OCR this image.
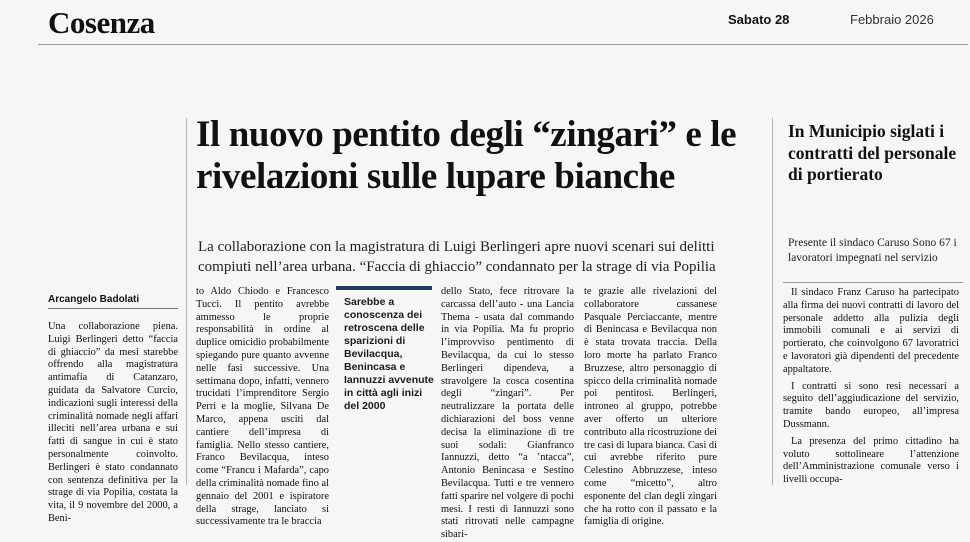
Cosenza	Sabato 28	Febbraio 2026
Il nuovo pentito degli “zingari” e le rivelazioni sulle lupare bianche

La collaborazione con la magistratura di Luigi Berlingeri apre nuovi scenari sui delitti compiuti nell’area urbana. “Faccia di ghiaccio” condannato per la strage di via Popilia

Arcangelo Badolati

Una collaborazione piena. Luigi Berlingeri detto “faccia di ghiaccio” da mesi starebbe offrendo alla magistratura antimafia di Catanzaro, guidata da Salvatore Curcio, indicazioni sugli interessi della criminalità nomade negli affari illeciti nell’area urbana e sui fatti di sangue in cui è stato personalmente coinvolto. Berlingeri è stato condannato con sentenza definitiva per la strage di via Popilia, costata la vita, il 9 novembre del 2000, a Beni-

to Aldo Chiodo e Francesco Tucci. Il pentito avrebbe ammesso le proprie responsabilità in ordine al duplice omicidio probabilmente spiegando pure quanto avvenne nelle fasi successive. Una settimana dopo, infatti, vennero trucidati l’imprenditore Sergio Perri e la moglie, Silvana De Marco, appena usciti dal cantiere dell’impresa di famiglia. Nello stesso cantiere, Franco Bevilacqua, inteso come “Francu i Mafarda”, capo della criminalità nomade fino al gennaio del 2001 e ispiratore della strage, lanciato si successivamente tra le braccia

Sarebbe a conoscenza dei retroscena delle sparizioni di Bevilacqua, Benincasa e Iannuzzi avvenute in città agli inizi del 2000

dello Stato, fece ritrovare la carcassa dell’auto - una Lancia Thema - usata dal commando in via Popilia. Ma fu proprio l’improvviso pentimento di Bevilacqua, da cui lo stesso Berlingeri dipendeva, a stravolgere la cosca cosentina degli “zingari”. Per neutralizzare la portata delle dichiarazioni del boss venne decisa la eliminazione di tre suoi sodali: Gianfranco Iannuzzi, detto “a ’ntacca”, Antonio Benincasa e Sestino Bevilacqua. Tutti e tre vennero fatti sparire nel volgere di pochi mesi. I resti di Iannuzzi sono stati ritrovati nelle campagne sibari-

te grazie alle rivelazioni del collaboratore cassanese Pasquale Perciaccante, mentre di Benincasa e Bevilacqua non è stata trovata traccia. Della loro morte ha parlato Franco Bruzzese, altro personaggio di spicco della criminalità nomade poi pentitosi. Berlingeri, introneo al gruppo, potrebbe aver offerto un ulteriore contributo alla ricostruzione dei tre casi di lupara bianca. Casi di cui avrebbe riferito pure Celestino Abbruzzese, inteso come “micetto”, altro esponente del clan degli zingari che ha rotto con il passato e la famiglia di origine.

In Municipio siglati i contratti del personale di portierato

Presente il sindaco Caruso Sono 67 i lavoratori impegnati nel servizio

Il sindaco Franz Caruso ha partecipato alla firma dei nuovi contratti di lavoro del personale addetto alla pulizia degli immobili comunali e ai servizi di portierato, che coinvolgono 67 lavoratrici e lavoratori già dipendenti del precedente appaltatore.

I contratti si sono resi necessari a seguito dell’aggiudicazione del servizio, tramite bando europeo, all’impresa Dussmann.

La presenza del primo cittadino ha voluto sottolineare l’attenzione dell’Amministrazione comunale verso i livelli occupa-
